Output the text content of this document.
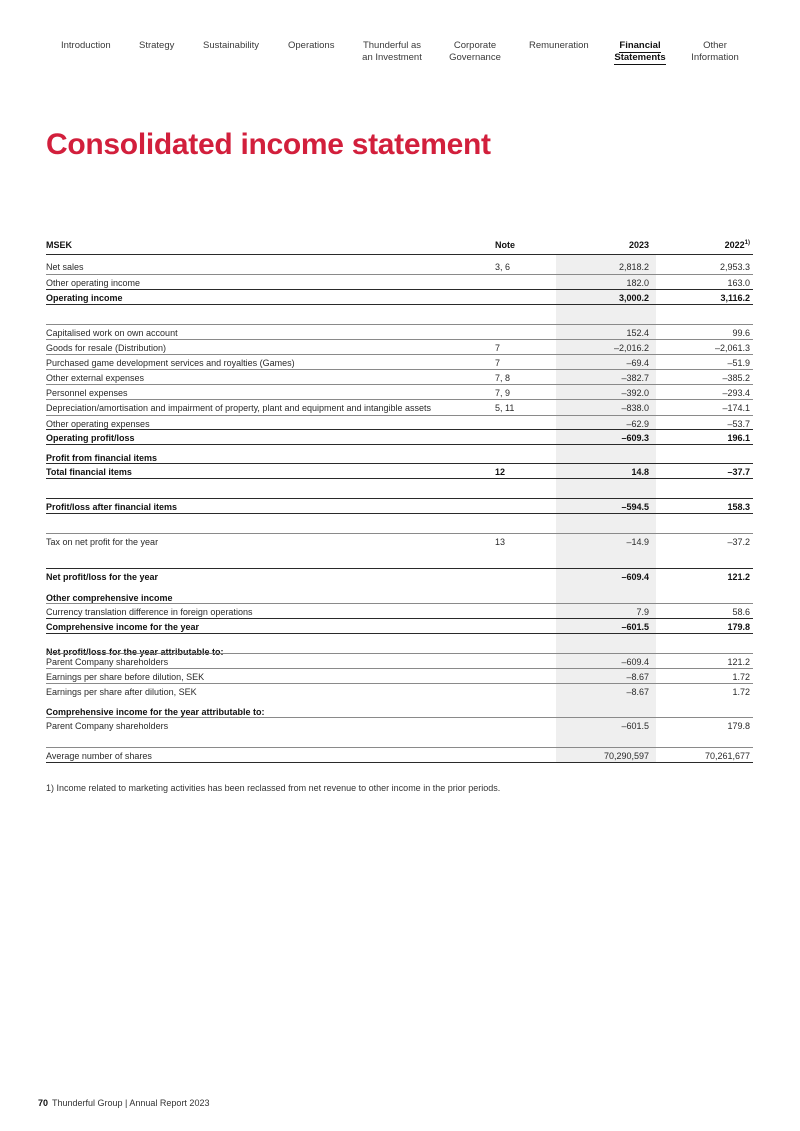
Introduction	Strategy	Sustainability	Operations	Thunderful as
an Investment
Corporate
Governance
Remuneration	Financial
Statements
Other
Information
Consolidated income statement
MSEK	Note	2023	2022$^{1)}$
Net sales	3, 6	2,818.2	2,953.3
Other operating income	182.0	163.0
Operating income	3,000.2	3,116.2
Capitalised work on own account	152.4	99.6
Goods for resale (Distribution)	7	–2,016.2	–2,061.3
Purchased game development services and royalties (Games)	7	–69.4	–51.9
Other external expenses	7, 8	–382.7	–385.2
Personnel expenses	7, 9	–392.0	–293.4
Depreciation/amortisation and impairment of property, plant and equipment and intangible assets	5, 11	–838.0	–174.1
Other operating expenses	–62.9	–53.7
Operating profit/loss	–609.3	196.1
Profit from financial items
Total financial items	12	14.8	–37.7
Profit/loss after financial items	–594.5	158.3
Tax on net profit for the year	13	–14.9	–37.2
Net profit/loss for the year	–609.4	121.2
Other comprehensive income
Currency translation difference in foreign operations	7.9	58.6
Comprehensive income for the year	–601.5	179.8
Net profit/loss for the year attributable to:
Parent Company shareholders	–609.4	121.2
Earnings per share before dilution, SEK	–8.67	1.72
Earnings per share after dilution, SEK	–8.67	1.72
Comprehensive income for the year attributable to:
Parent Company shareholders	–601.5	179.8
Average number of shares	70,290,597	70,261,677
1) Income related to marketing activities has been reclassed from net revenue to other income in the prior periods.
70 Thunderful Group | Annual Report 2023
